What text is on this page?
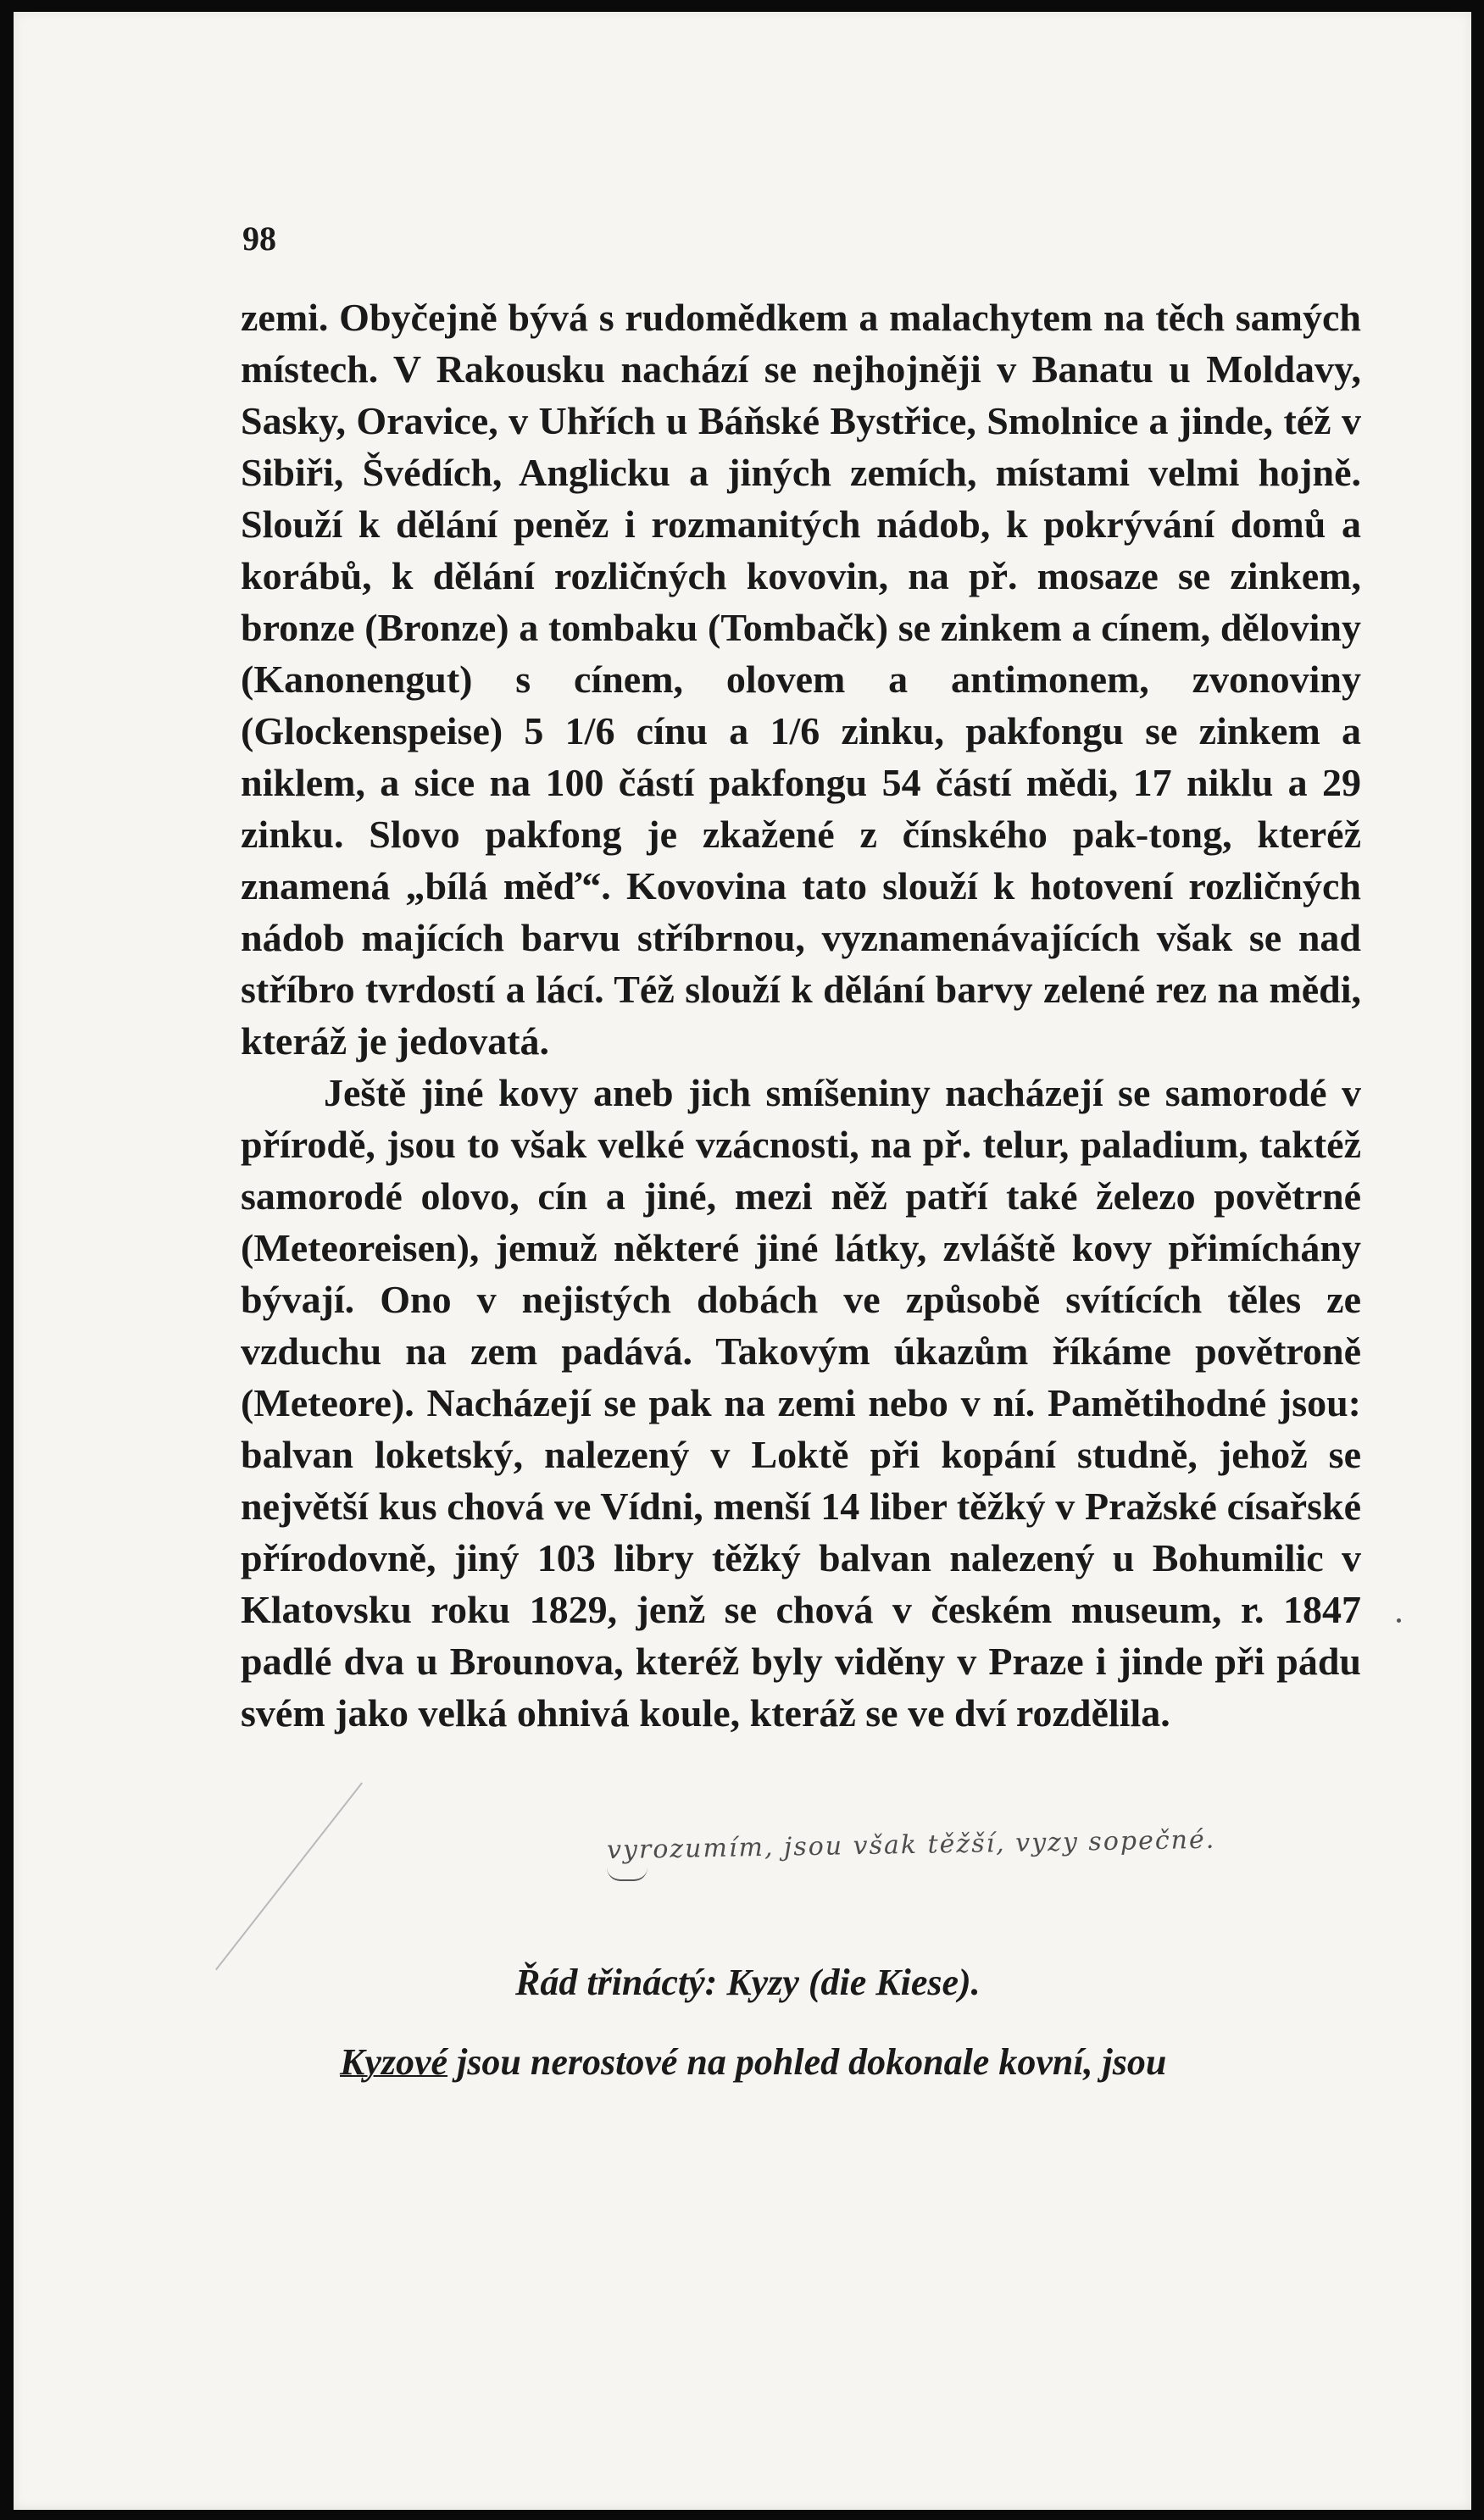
98

zemi. Obyčejně bývá s rudomědkem a malachytem na těch samých místech. V Rakousku nachází se nejhojněji v Banatu u Moldavy, Sasky, Oravice, v Uhřích u Báňské Bystřice, Smolnice a jinde, též v Sibiři, Švédích, Anglicku a jiných zemích, místami velmi hojně. Slouží k dělání peněz i rozmanitých nádob, k pokrývání domů a korábů, k dělání rozličných kovovin, na př. mosaze se zinkem, bronze (Bronze) a tombaku (Tombačk) se zinkem a cínem, děloviny (Kanonengut) s cínem, olovem a antimonem, zvonoviny (Glockenspeise) 5 1/6 cínu a 1/6 zinku, pakfongu se zinkem a niklem, a sice na 100 částí pakfongu 54 částí mědi, 17 niklu a 29 zinku. Slovo pakfong je zkažené z čínského pak-tong, kteréž znamená „bílá měď“. Kovovina tato slouží k hotovení rozličných nádob majících barvu stříbrnou, vyznamenávajících však se nad stříbro tvrdostí a lácí. Též slouží k dělání barvy zelené rez na mědi, kteráž je jedovatá.

Ještě jiné kovy aneb jich smíšeniny nacházejí se samorodé v přírodě, jsou to však velké vzácnosti, na př. telur, paladium, taktéž samorodé olovo, cín a jiné, mezi něž patří také železo povětrné (Meteoreisen), jemuž některé jiné látky, zvláště kovy přimíchány bývají. Ono v nejistých dobách ve způsobě svítících těles ze vzduchu na zem padává. Takovým úkazům říkáme povětroně (Meteore). Nacházejí se pak na zemi nebo v ní. Pamětihodné jsou: balvan loketský, nalezený v Loktě při kopání studně, jehož se největší kus chová ve Vídni, menší 14 liber těžký v Pražské císařské přírodovně, jiný 103 libry těžký balvan nalezený u Bohumilic v Klatovsku roku 1829, jenž se chová v českém museum, r. 1847 padlé dva u Brounova, kteréž byly viděny v Praze i jinde při pádu svém jako velká ohnivá koule, kteráž se ve dví rozdělila.

vyrozumím, jsou však těžší, vyzy sopečné.
Řád třináctý: Kyzy (die Kiese).
Kyzové jsou nerostové na pohled dokonale kovní, jsou
